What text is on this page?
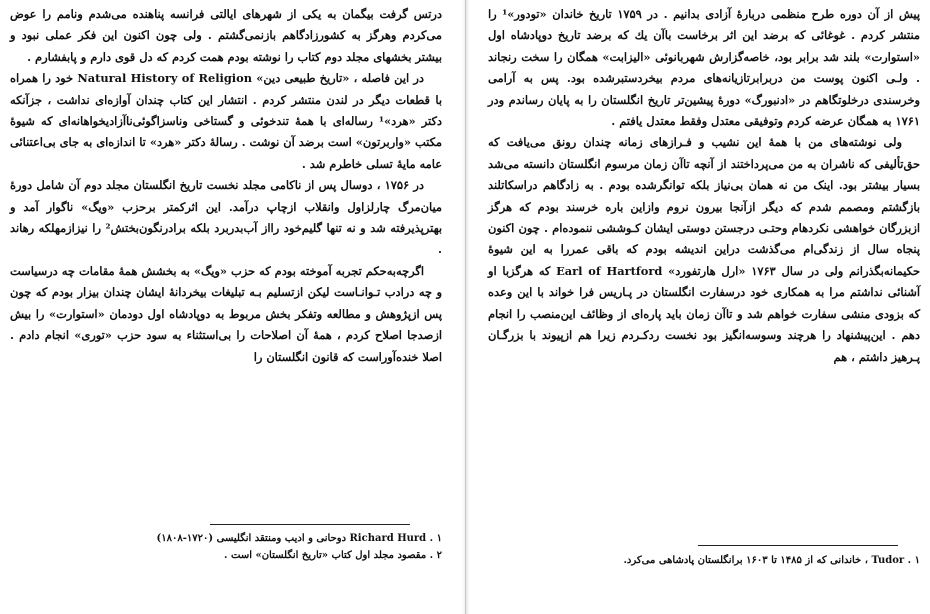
درتس گرفت بیگمان به یکی از شهرهای ایالتی فرانسه پناهنده می‌شدم ونامم را عوض می‌کردم وهرگز به کشورزادگاهم بازنمی‌گشتم . ولی چون اکنون این فکر عملی نبود و بیشتر بخشهای مجلد دوم کتاب را نوشته بودم همت کردم که دل قوی دارم و پابفشارم .

در این فاصله ، «تاریخ طبیعی دین» Natural History of Religion خود را همراه با قطعات دیگر در لندن منتشر کردم . انتشار این کتاب چندان آوازه‌ای نداشت ، جزآنکه دکتر «هرد»¹ رساله‌ای با همهٔ تندخوئی و گستاخی وناسزاگوئی‌ناآزادیخواهانه‌ای که شیوهٔ مکتب «واربرتون» است برضد آن نوشت . رسالهٔ دکتر «هرد» تا اندازه‌ای به جای بی‌اعتنائی عامه مایهٔ تسلی خاطرم شد .

در ۱۷۵۶ ، دوسال پس از ناکامی مجلد نخست تاریخ انگلستان مجلد دوم آن شامل دورهٔ میان‌مرگ چارلزاول وانقلاب ازچاپ درآمد. این اثرکمتر برحزب «ویگ» ناگوار آمد و بهترپذیرفته شد و نه تنها گلیم‌خود رااز آب‌بدربرد بلکه برادرنگون‌بختش² را نیزازمهلکه رهاند .

اگرچه‌به‌حکم تجربه آموخته بودم که حزب «ویگ» به بخشش همهٔ مقامات چه درسیاست و چه درادب تـوانـاست لیکن ازتسلیم بـه تبلیغات بیخردانهٔ ایشان چندان بیزار بودم که چون پس ازپژوهش و مطالعه وتفکر بخش مربوط به دوپادشاه اول دودمان «استوارت» را بیش ازصدجا اصلاح کردم ، همهٔ آن اصلاحات را بی‌استثناء به سود حزب «توری» انجام دادم . اصلا خنده‌آوراست که قانون انگلستان را

۱ . Richard Hurd دوحانی و ادیب ومنتقد انگلیسی (۱۷۲۰-۱۸۰۸)
۲ . مقصود مجلد اول کتاب «تاریخ انگلستان» است .

پیش از آن دوره طرح منظمی دربارهٔ آزادی بدانیم . در ۱۷۵۹ تاریخ خاندان «تودور»¹ را منتشر کردم . غوغائی که برضد این اثر برخاست باآن یك که برضد تاریخ دوپادشاه اول «استوارت» بلند شد برابر بود، خاصه‌گزارش شهربانوئی «الیزابت» همگان را سخت رنجاند . ولـی اکنون پوست من دربرابرتازیانه‌های مردم بیخردستبرشده بود. پس به آرامی وخرسندی درخلوتگاهم در «ادنبورگ» دورهٔ پیشین‌تر تاریخ انگلستان را به پایان رساندم ودر ۱۷۶۱ به همگان عرضه کردم وتوفیقی معتدل وفقط معتدل یافتم .

ولی نوشته‌های من با همهٔ این نشیب و فـرازهای زمانه چندان رونق می‌یافت که حق‌تألیفی که ناشران به من می‌پرداختند از آنچه تاآن زمان مرسوم انگلستان دانسته می‌شد بسیار بیشتر بود. اینک من نه همان بی‌نیاز بلکه توانگرشده بودم . به زادگاهم دراسکاتلند بازگشتم ومصمم شدم که دیگر ازآنجا بیرون نروم وازاین باره خرسند بودم که هرگز ازبزرگان خواهشی نکردهام وحتـی درجستن دوستی ایشان کـوششی ننموده‌ام . چون اکنون پنجاه سال از زندگی‌ام می‌گذشت دراین اندیشه بودم که باقی عمررا به این شیوهٔ حکیمانه‌بگذرانم ولی در سال ۱۷۶۳ «ارل هارتفورد» Earl of Hartford که هرگزبا او آشنائی نداشتم مرا به همکاری خود درسفارت انگلستان در پـاریس فرا خواند با این وعده که بزودی منشی سفارت خواهم شد و تاآن زمان باید پاره‌ای از وظائف این‌منصب را انجام دهم . این‌پیشنهاد را هرچند وسوسه‌انگیز بود نخست ردکـردم زیرا هم ازپیوند با بزرگـان پـرهیز داشتم ، هم

۱ . Tudor ، خاندانی که از ۱۴۸۵ تا ۱۶۰۳ برانگلستان پادشاهی می‌کرد.
